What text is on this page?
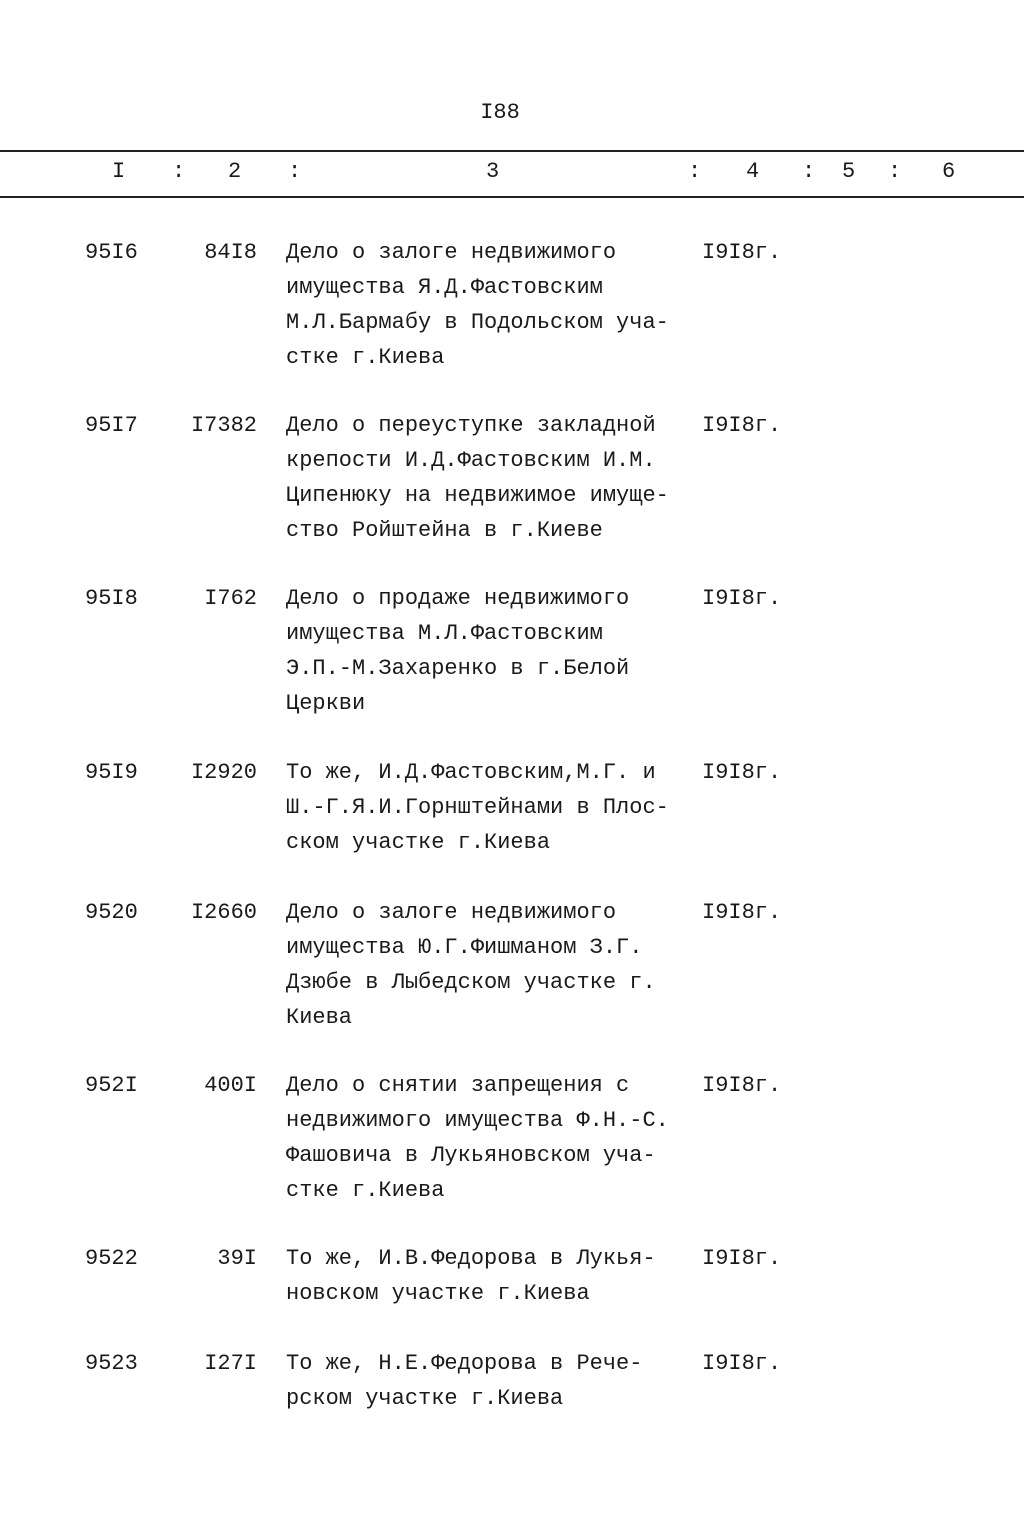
I88
I : 2 :	3	: 4 : 5 : 6
95I6	84I8 Дело о залоге недвижимого
имущества Я.Д.Фастовским
М.Л.Бармабу в Подольском уча-
стке г.Киева
I9I8г.
95I7 I7382 Дело о переуступке закладной
крепости И.Д.Фастовским И.М.
Ципенюку на недвижимое имуще-
ство Ройштейна в г.Киеве
I9I8г.
95I8	I762 Дело о продаже недвижимого
имущества М.Л.Фастовским
Э.П.-М.Захаренко в г.Белой
Церкви
I9I8г.
95I9 I2920 То же, И.Д.Фастовским,М.Г. и
Ш.-Г.Я.И.Горнштейнами в Плос-
ском участке г.Киева
I9I8г.
9520 I2660 Дело о залоге недвижимого
имущества Ю.Г.Фишманом З.Г.
Дзюбе в Лыбедском участке г.
Киева
I9I8г.
952I	400I Дело о снятии запрещения с
недвижимого имущества Ф.Н.-С.
Фашовича в Лукьяновском уча-
стке г.Киева
I9I8г.
9522	39I То же, И.В.Федорова в Лукья-
новском участке г.Киева
I9I8г.
9523	I27I То же, Н.Е.Федорова в Рече-
рском участке г.Киева
I9I8г.
